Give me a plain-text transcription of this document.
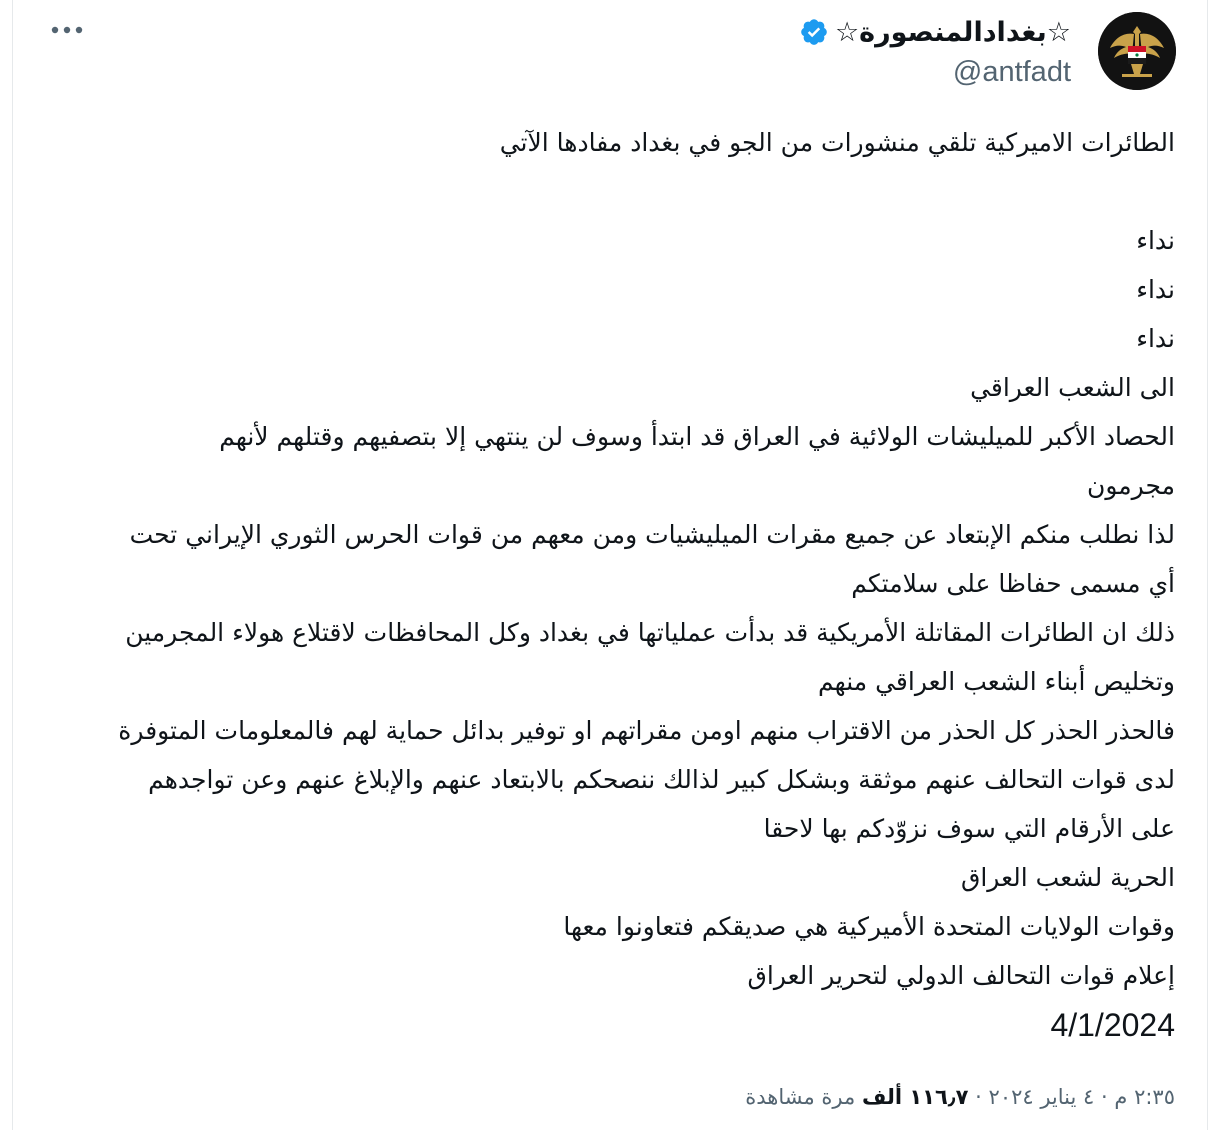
☆بغدادالمنصورة☆
@antfadt
الطائرات الاميركية تلقي منشورات من الجو في بغداد مفادها الآتي
نداء
نداء
نداء
الى الشعب العراقي
الحصاد الأكبر للميليشات الولائية في العراق قد ابتدأ وسوف لن ينتهي إلا بتصفيهم وقتلهم لأنهم
مجرمون
لذا نطلب منكم الإبتعاد عن جميع مقرات الميليشيات ومن معهم من قوات الحرس الثوري الإيراني تحت
أي مسمى حفاظا على سلامتكم
ذلك ان الطائرات المقاتلة الأمريكية قد بدأت عملياتها في بغداد وكل المحافظات لاقتلاع هولاء المجرمين
وتخليص أبناء الشعب العراقي منهم
فالحذر الحذر كل الحذر من الاقتراب منهم اومن مقراتهم او توفير بدائل حماية لهم فالمعلومات المتوفرة
لدى قوات التحالف عنهم موثقة وبشكل كبير لذالك ننصحكم بالابتعاد عنهم والإبلاغ عنهم وعن تواجدهم
على الأرقام التي سوف نزوّدكم بها لاحقا
الحرية لشعب العراق
وقوات الولايات المتحدة الأميركية هي صديقكم فتعاونوا معها
إعلام قوات التحالف الدولي لتحرير العراق
4/1/2024
٢:٣٥ م · ٤ يناير ٢٠٢٤ · ١١٦٫٧ ألف مرة مشاهدة
